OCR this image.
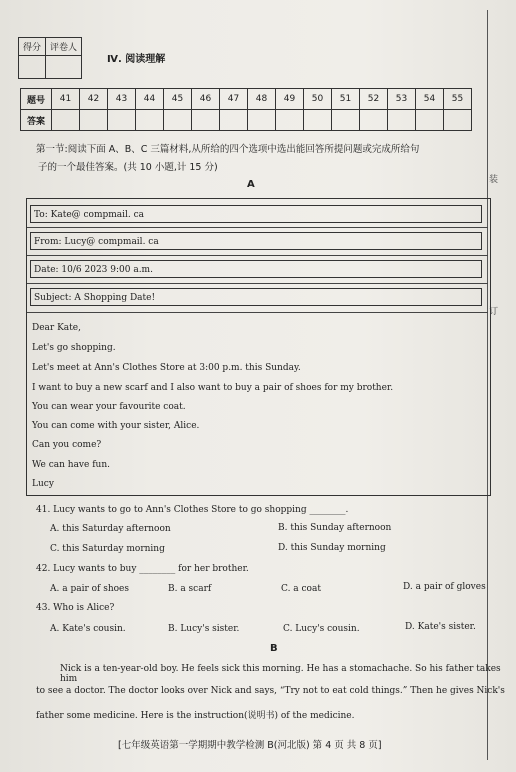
装
订
得分	评卷人

Ⅳ. 阅读理解
题号	41	42	43	44	45	46	47	48	49	50	51	52	53	54	55
答案															
第一节:阅读下面 A、B、C 三篇材料,从所给的四个选项中选出能回答所提问题或完成所给句
子的一个最佳答案。(共 10 小题,计 15 分)
A
To: Kate@ compmail. ca
From: Lucy@ compmail. ca
Date: 10/6 2023 9:00 a.m.
Subject: A Shopping Date!
Dear Kate,
Let's go shopping.
Let's meet at Ann's Clothes Store at 3:00 p.m. this Sunday.
I want to buy a new scarf and I also want to buy a pair of shoes for my brother.
You can wear your favourite coat.
You can come with your sister, Alice.
Can you come?
We can have fun.
Lucy
41. Lucy wants to go to Ann's Clothes Store to go shopping ________.
A. this Saturday afternoon	B. this Sunday afternoon
C. this Saturday morning	D. this Sunday morning
42. Lucy wants to buy ________ for her brother.
A. a pair of shoes	B. a scarf	C. a coat	D. a pair of gloves
43. Who is Alice?
A. Kate's cousin.	B. Lucy's sister.	C. Lucy's cousin.	D. Kate's sister.
B
Nick is a ten-year-old boy. He feels sick this morning. He has a stomachache. So his father takes him
to see a doctor. The doctor looks over Nick and says, “Try not to eat cold things.” Then he gives Nick's
father some medicine. Here is the instruction(说明书) of the medicine.
[七年级英语第一学期期中教学检测 B(河北版) 第 4 页 共 8 页]
